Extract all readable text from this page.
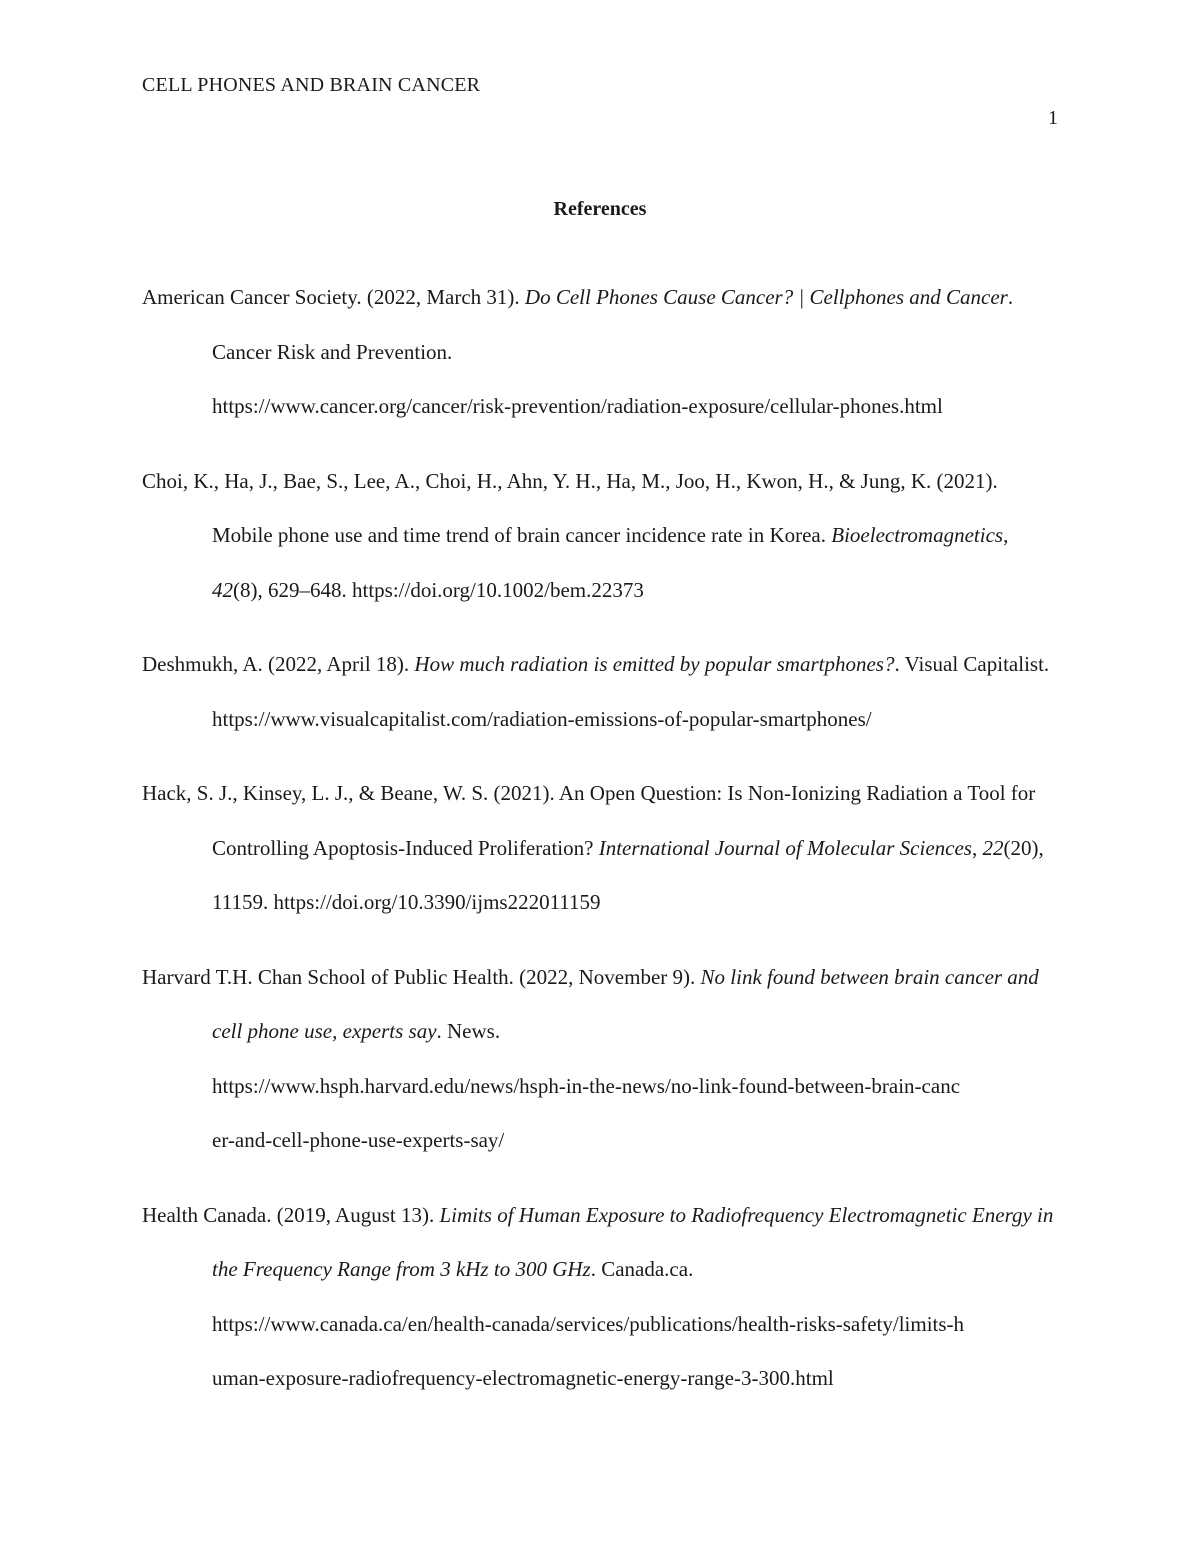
CELL PHONES AND BRAIN CANCER
1
References

American Cancer Society. (2022, March 31). Do Cell Phones Cause Cancer? | Cellphones and Cancer. Cancer Risk and Prevention.
https://www.cancer.org/cancer/risk-prevention/radiation-exposure/cellular-phones.html

Choi, K., Ha, J., Bae, S., Lee, A., Choi, H., Ahn, Y. H., Ha, M., Joo, H., Kwon, H., & Jung, K. (2021). Mobile phone use and time trend of brain cancer incidence rate in Korea. Bioelectromagnetics, 42(8), 629–648. https://doi.org/10.1002/bem.22373

Deshmukh, A. (2022, April 18). How much radiation is emitted by popular smartphones?. Visual Capitalist. https://www.visualcapitalist.com/radiation-emissions-of-popular-smartphones/

Hack, S. J., Kinsey, L. J., & Beane, W. S. (2021). An Open Question: Is Non-Ionizing Radiation a Tool for Controlling Apoptosis-Induced Proliferation? International Journal of Molecular Sciences, 22(20), 11159. https://doi.org/10.3390/ijms222011159

Harvard T.H. Chan School of Public Health. (2022, November 9). No link found between brain cancer and cell phone use, experts say. News.
https://www.hsph.harvard.edu/news/hsph-in-the-news/no-link-found-between-brain-canc
er-and-cell-phone-use-experts-say/

Health Canada. (2019, August 13). Limits of Human Exposure to Radiofrequency Electromagnetic Energy in the Frequency Range from 3 kHz to 300 GHz. Canada.ca.
https://www.canada.ca/en/health-canada/services/publications/health-risks-safety/limits-h
uman-exposure-radiofrequency-electromagnetic-energy-range-3-300.html
